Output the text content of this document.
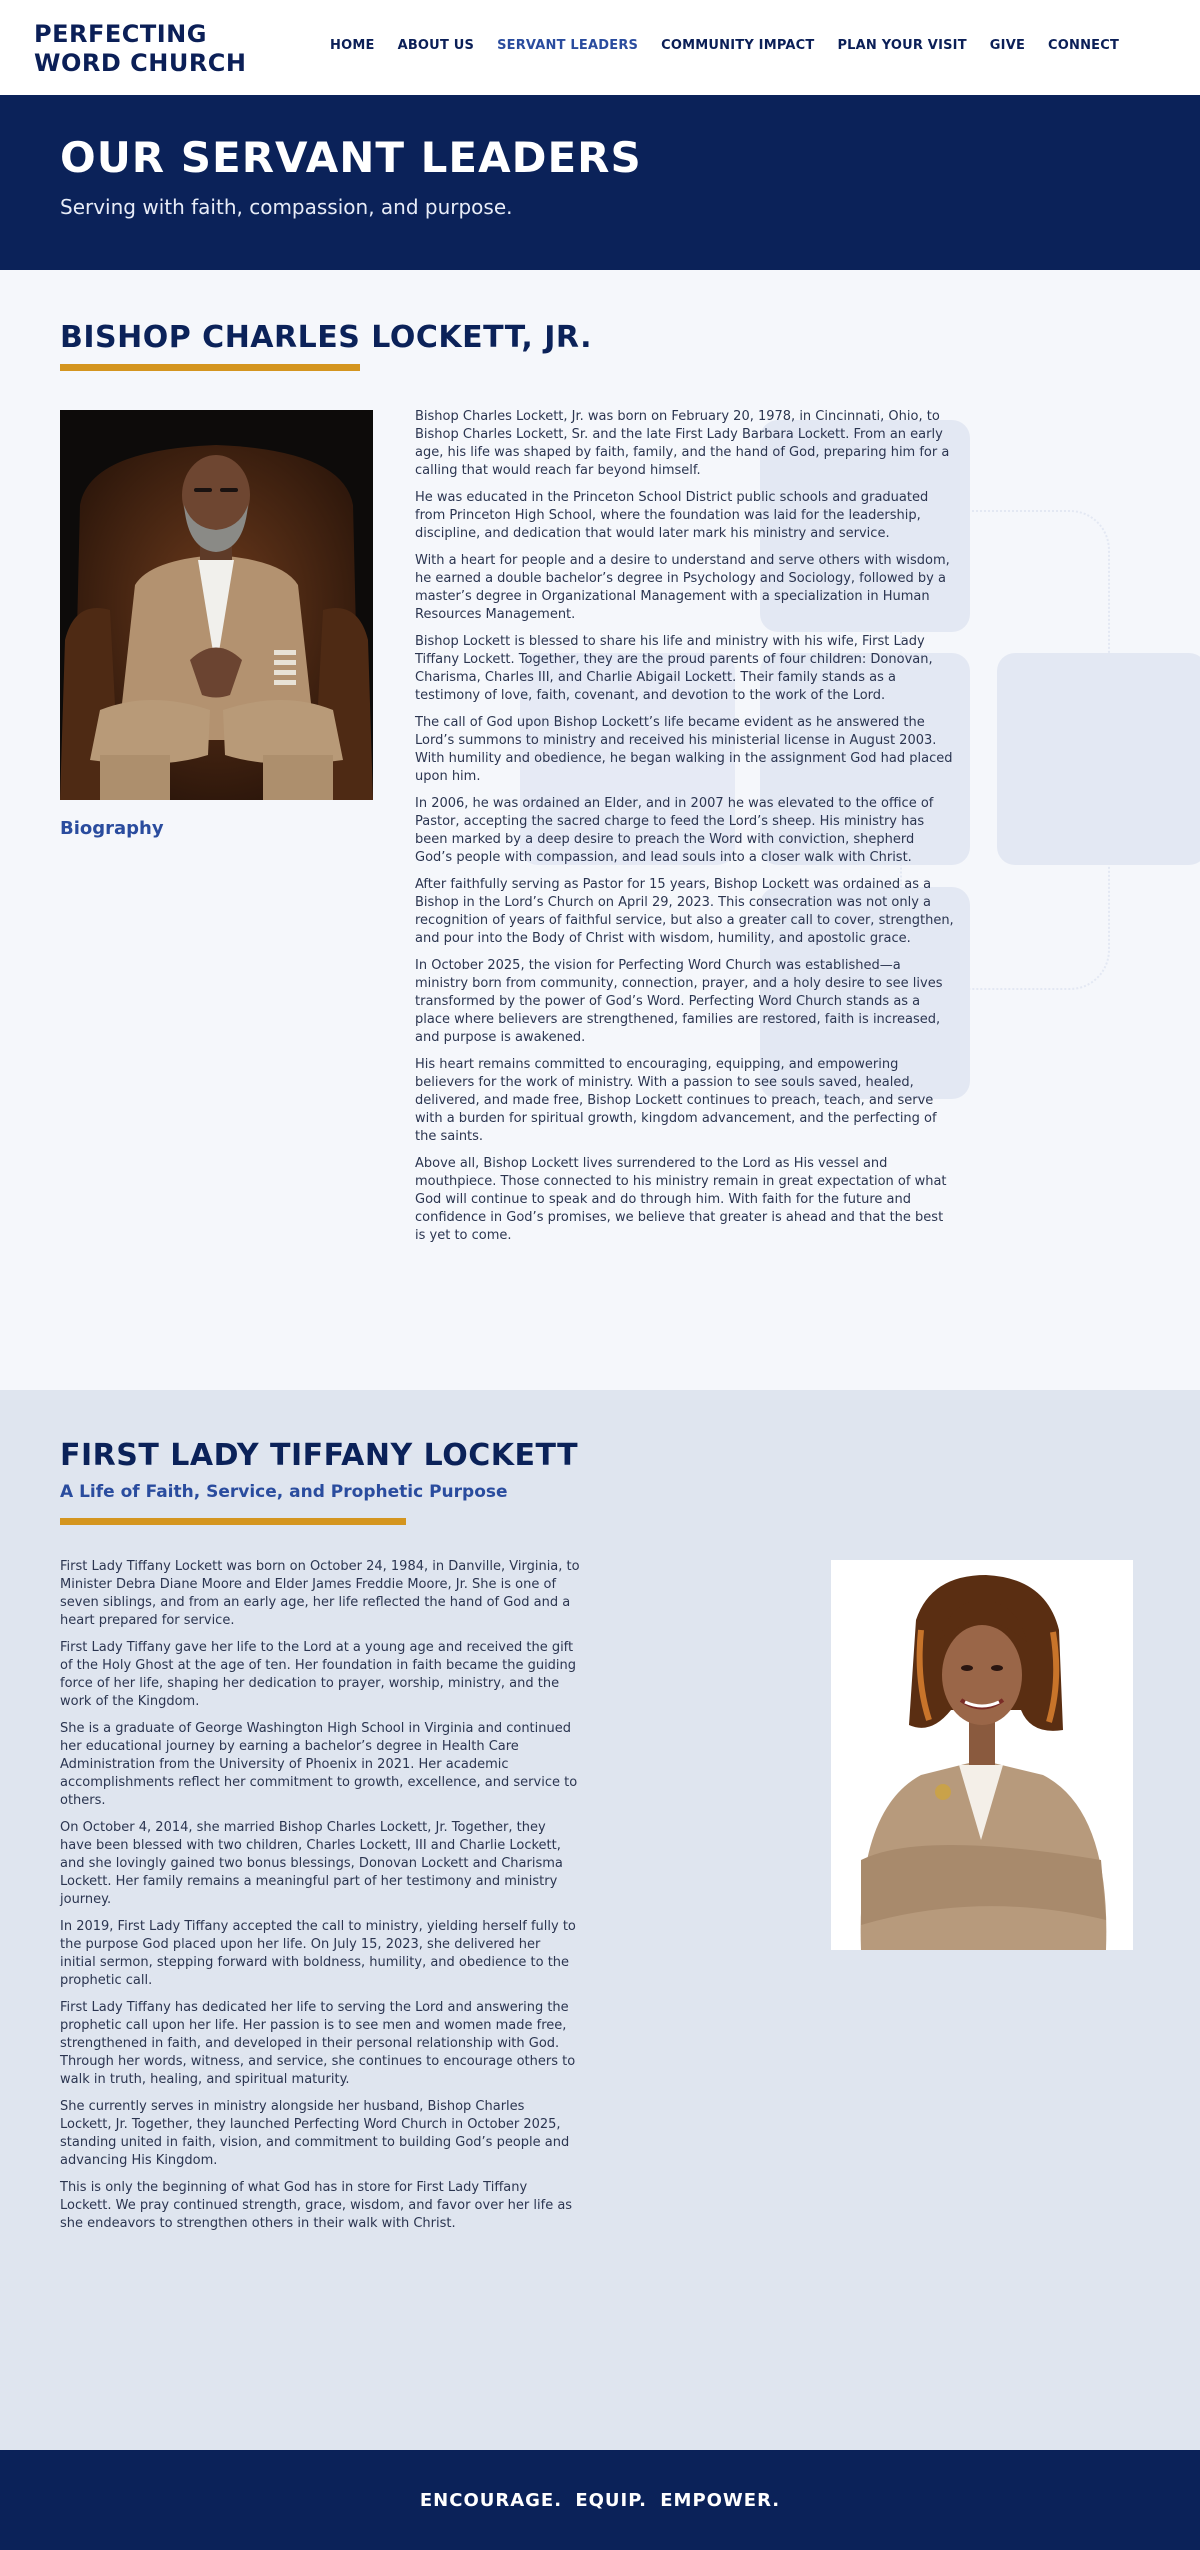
PERFECTING
WORD CHURCH
HOME ABOUT US SERVANT LEADERS COMMUNITY IMPACT PLAN YOUR VISIT GIVE CONNECT
OUR SERVANT LEADERS

Serving with faith, compassion, and purpose.

BISHOP CHARLES LOCKETT, JR.
Biography

Bishop Charles Lockett, Jr. was born on February 20, 1978, in Cincinnati, Ohio, to Bishop Charles Lockett, Sr. and the late First Lady Barbara Lockett. From an early age, his life was shaped by faith, family, and the hand of God, preparing him for a calling that would reach far beyond himself.

He was educated in the Princeton School District public schools and graduated from Princeton High School, where the foundation was laid for the leadership, discipline, and dedication that would later mark his ministry and service.

With a heart for people and a desire to understand and serve others with wisdom, he earned a double bachelor’s degree in Psychology and Sociology, followed by a master’s degree in Organizational Management with a specialization in Human Resources Management.

Bishop Lockett is blessed to share his life and ministry with his wife, First Lady Tiffany Lockett. Together, they are the proud parents of four children: Donovan, Charisma, Charles III, and Charlie Abigail Lockett. Their family stands as a testimony of love, faith, covenant, and devotion to the work of the Lord.

The call of God upon Bishop Lockett’s life became evident as he answered the Lord’s summons to ministry and received his ministerial license in August 2003. With humility and obedience, he began walking in the assignment God had placed upon him.

In 2006, he was ordained an Elder, and in 2007 he was elevated to the office of Pastor, accepting the sacred charge to feed the Lord’s sheep. His ministry has been marked by a deep desire to preach the Word with conviction, shepherd God’s people with compassion, and lead souls into a closer walk with Christ.

After faithfully serving as Pastor for 15 years, Bishop Lockett was ordained as a Bishop in the Lord’s Church on April 29, 2023. This consecration was not only a recognition of years of faithful service, but also a greater call to cover, strengthen, and pour into the Body of Christ with wisdom, humility, and apostolic grace.

In October 2025, the vision for Perfecting Word Church was established—a ministry born from community, connection, prayer, and a holy desire to see lives transformed by the power of God’s Word. Perfecting Word Church stands as a place where believers are strengthened, families are restored, faith is increased, and purpose is awakened.

His heart remains committed to encouraging, equipping, and empowering believers for the work of ministry. With a passion to see souls saved, healed, delivered, and made free, Bishop Lockett continues to preach, teach, and serve with a burden for spiritual growth, kingdom advancement, and the perfecting of the saints.

Above all, Bishop Lockett lives surrendered to the Lord as His vessel and mouthpiece. Those connected to his ministry remain in great expectation of what God will continue to speak and do through him. With faith for the future and confidence in God’s promises, we believe that greater is ahead and that the best is yet to come.

FIRST LADY TIFFANY LOCKETT
A Life of Faith, Service, and Prophetic Purpose

First Lady Tiffany Lockett was born on October 24, 1984, in Danville, Virginia, to Minister Debra Diane Moore and Elder James Freddie Moore, Jr. She is one of seven siblings, and from an early age, her life reflected the hand of God and a heart prepared for service.

First Lady Tiffany gave her life to the Lord at a young age and received the gift of the Holy Ghost at the age of ten. Her foundation in faith became the guiding force of her life, shaping her dedication to prayer, worship, ministry, and the work of the Kingdom.

She is a graduate of George Washington High School in Virginia and continued her educational journey by earning a bachelor’s degree in Health Care Administration from the University of Phoenix in 2021. Her academic accomplishments reflect her commitment to growth, excellence, and service to others.

On October 4, 2014, she married Bishop Charles Lockett, Jr. Together, they have been blessed with two children, Charles Lockett, III and Charlie Lockett, and she lovingly gained two bonus blessings, Donovan Lockett and Charisma Lockett. Her family remains a meaningful part of her testimony and ministry journey.

In 2019, First Lady Tiffany accepted the call to ministry, yielding herself fully to the purpose God placed upon her life. On July 15, 2023, she delivered her initial sermon, stepping forward with boldness, humility, and obedience to the prophetic call.

First Lady Tiffany has dedicated her life to serving the Lord and answering the prophetic call upon her life. Her passion is to see men and women made free, strengthened in faith, and developed in their personal relationship with God. Through her words, witness, and service, she continues to encourage others to walk in truth, healing, and spiritual maturity.

She currently serves in ministry alongside her husband, Bishop Charles Lockett, Jr. Together, they launched Perfecting Word Church in October 2025, standing united in faith, vision, and commitment to building God’s people and advancing His Kingdom.

This is only the beginning of what God has in store for First Lady Tiffany Lockett. We pray continued strength, grace, wisdom, and favor over her life as she endeavors to strengthen others in their walk with Christ.

ENCOURAGE. EQUIP. EMPOWER.
